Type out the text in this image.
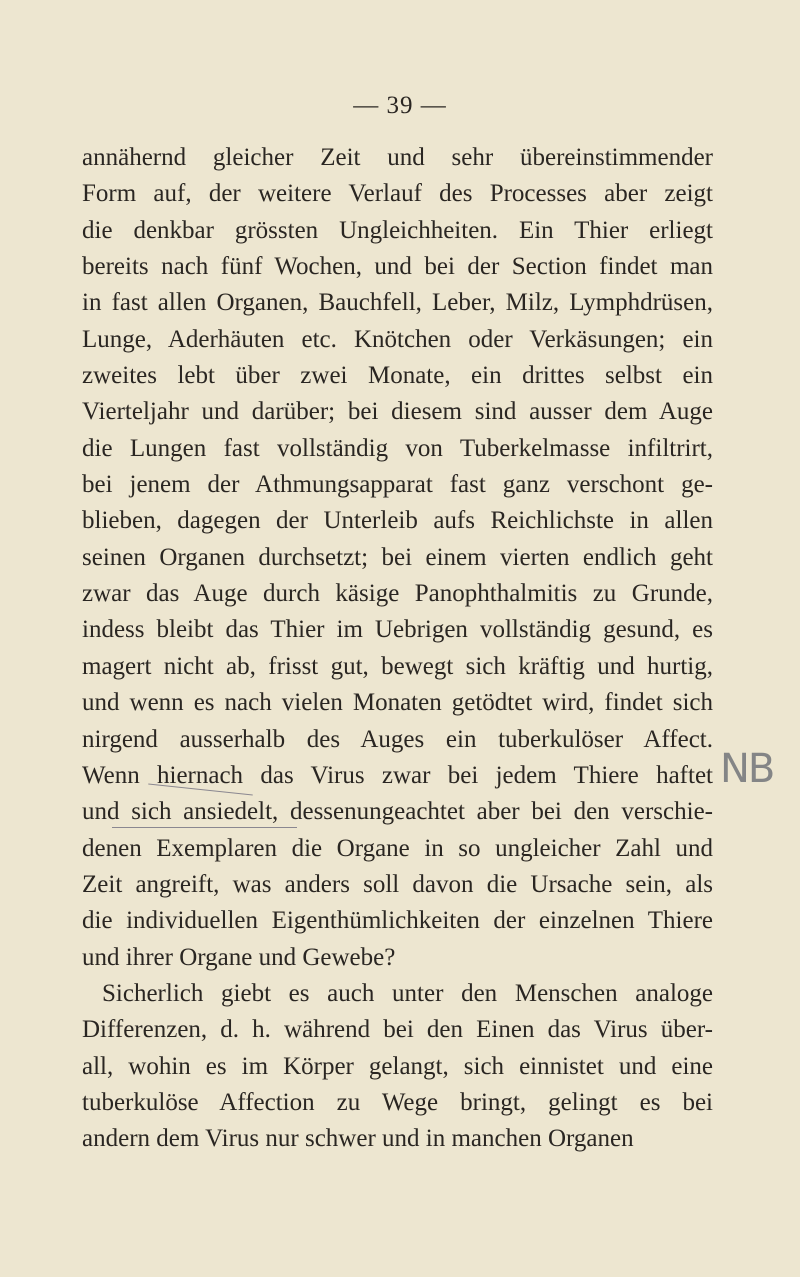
— 39 —
annähernd gleicher Zeit und sehr übereinstimmender
Form auf, der weitere Verlauf des Processes aber zeigt
die denkbar grössten Ungleichheiten. Ein Thier erliegt
bereits nach fünf Wochen, und bei der Section findet man
in fast allen Organen, Bauchfell, Leber, Milz, Lymphdrüsen,
Lunge, Aderhäuten etc. Knötchen oder Verkäsungen; ein
zweites lebt über zwei Monate, ein drittes selbst ein
Vierteljahr und darüber; bei diesem sind ausser dem Auge
die Lungen fast vollständig von Tuberkelmasse infiltrirt,
bei jenem der Athmungsapparat fast ganz verschont ge-
blieben, dagegen der Unterleib aufs Reichlichste in allen
seinen Organen durchsetzt; bei einem vierten endlich geht
zwar das Auge durch käsige Panophthalmitis zu Grunde,
indess bleibt das Thier im Uebrigen vollständig gesund, es
magert nicht ab, frisst gut, bewegt sich kräftig und hurtig,
und wenn es nach vielen Monaten getödtet wird, findet sich
nirgend ausserhalb des Auges ein tuberkulöser Affect.
Wenn hiernach das Virus zwar bei jedem Thiere haftet
und sich ansiedelt, dessenungeachtet aber bei den verschie-
denen Exemplaren die Organe in so ungleicher Zahl und
Zeit angreift, was anders soll davon die Ursache sein, als
die individuellen Eigenthümlichkeiten der einzelnen Thiere
und ihrer Organe und Gewebe?
Sicherlich giebt es auch unter den Menschen analoge
Differenzen, d. h. während bei den Einen das Virus über-
all, wohin es im Körper gelangt, sich einnistet und eine
tuberkulöse Affection zu Wege bringt, gelingt es bei
andern dem Virus nur schwer und in manchen Organen
NB
